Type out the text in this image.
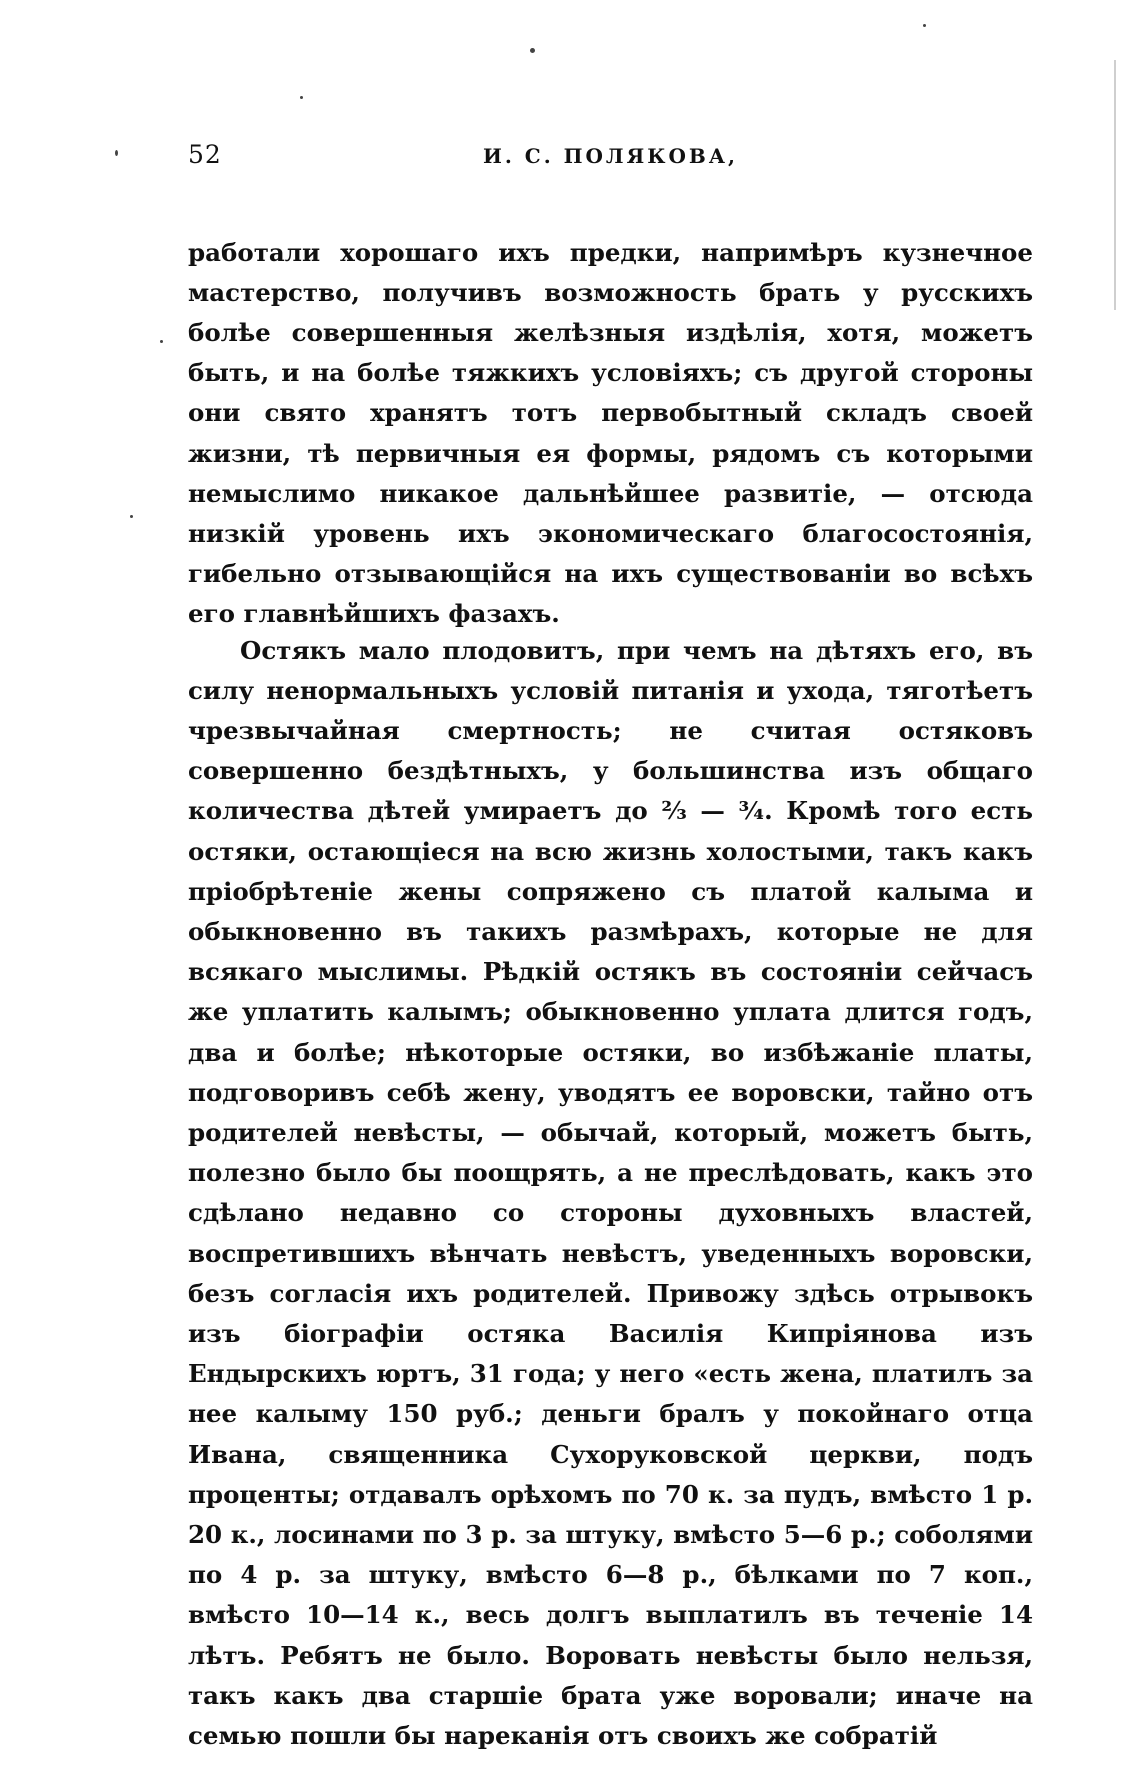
52	И. С. ПОЛЯКОВА,

работали хорошаго ихъ предки, напримѣръ кузнечное мастерство, получивъ возможность брать у русскихъ болѣе совершенныя желѣзныя издѣлія, хотя, можетъ быть, и на болѣе тяжкихъ условіяхъ; съ другой стороны они свято хранятъ тотъ первобытный складъ своей жизни, тѣ первичныя ея формы, рядомъ съ которыми немыслимо никакое дальнѣйшее развитіе, — отсюда низкій уровень ихъ экономическаго благосостоянія, гибельно отзывающійся на ихъ существованіи во всѣхъ его главнѣйшихъ фазахъ.

Остякъ мало плодовитъ, при чемъ на дѣтяхъ его, въ силу ненормальныхъ условій питанія и ухода, тяготѣетъ чрезвычайная смертность; не считая остяковъ совершенно бездѣтныхъ, у большинства изъ общаго количества дѣтей умираетъ до ⅔ — ¾. Кромѣ того есть остяки, остающіеся на всю жизнь холостыми, такъ какъ пріобрѣтеніе жены сопряжено съ платой калыма и обыкновенно въ такихъ размѣрахъ, которые не для всякаго мыслимы. Рѣдкій остякъ въ состояніи сейчасъ же уплатить калымъ; обыкновенно уплата длится годъ, два и болѣе; нѣкоторые остяки, во избѣжаніе платы, подговоривъ себѣ жену, уводятъ ее воровски, тайно отъ родителей невѣсты, — обычай, который, можетъ быть, полезно было бы поощрять, а не преслѣдовать, какъ это сдѣлано недавно со стороны духовныхъ властей, воспретившихъ вѣнчать невѣстъ, уведенныхъ воровски, безъ согласія ихъ родителей. Привожу здѣсь отрывокъ изъ біографіи остяка Василія Кипріянова изъ Ендырскихъ юртъ, 31 года; у него «есть жена, платилъ за нее калыму 150 руб.; деньги бралъ у покойнаго отца Ивана, священника Сухоруковской церкви, подъ проценты; отдавалъ орѣхомъ по 70 к. за пудъ, вмѣсто 1 р. 20 к., лосинами по 3 р. за штуку, вмѣсто 5—6 р.; соболями по 4 р. за штуку, вмѣсто 6—8 р., бѣлками по 7 коп., вмѣсто 10—14 к., весь долгъ выплатилъ въ теченіе 14 лѣтъ. Ребятъ не было. Воровать невѣсты было нельзя, такъ какъ два старшіе брата уже воровали; иначе на семью пошли бы нареканія отъ своихъ же собратій
